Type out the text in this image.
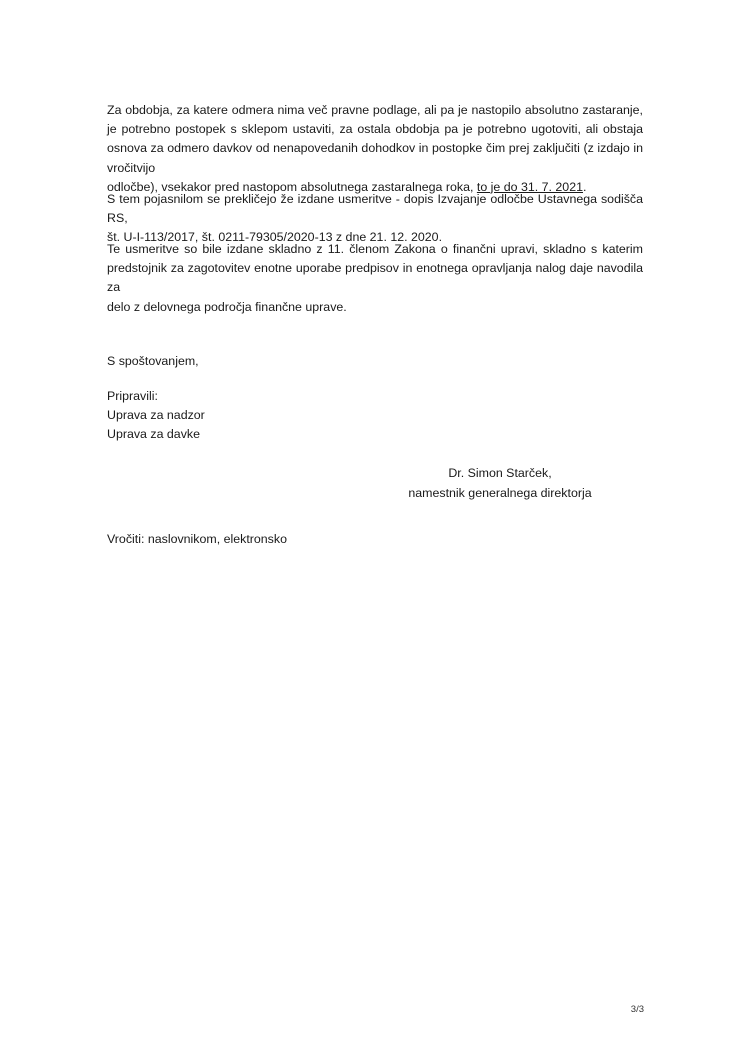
Za obdobja, za katere odmera nima več pravne podlage, ali pa je nastopilo absolutno zastaranje, je potrebno postopek s sklepom ustaviti, za ostala obdobja pa je potrebno ugotoviti, ali obstaja osnova za odmero davkov od nenapovedanih dohodkov in postopke čim prej zaključiti (z izdajo in vročitvijo
odločbe), vsekakor pred nastopom absolutnega zastaralnega roka, to je do 31. 7. 2021.
S tem pojasnilom se prekličejo že izdane usmeritve - dopis Izvajanje odločbe Ustavnega sodišča RS,
št. U-I-113/2017, št. 0211-79305/2020-13 z dne 21. 12. 2020.
Te usmeritve so bile izdane skladno z 11. členom Zakona o finančni upravi, skladno s katerim predstojnik za zagotovitev enotne uporabe predpisov in enotnega opravljanja nalog daje navodila za
delo z delovnega področja finančne uprave.
S spoštovanjem,
Pripravili:
Uprava za nadzor
Uprava za davke
Dr. Simon Starček,
namestnik generalnega direktorja
Vročiti: naslovnikom, elektronsko
3/3
